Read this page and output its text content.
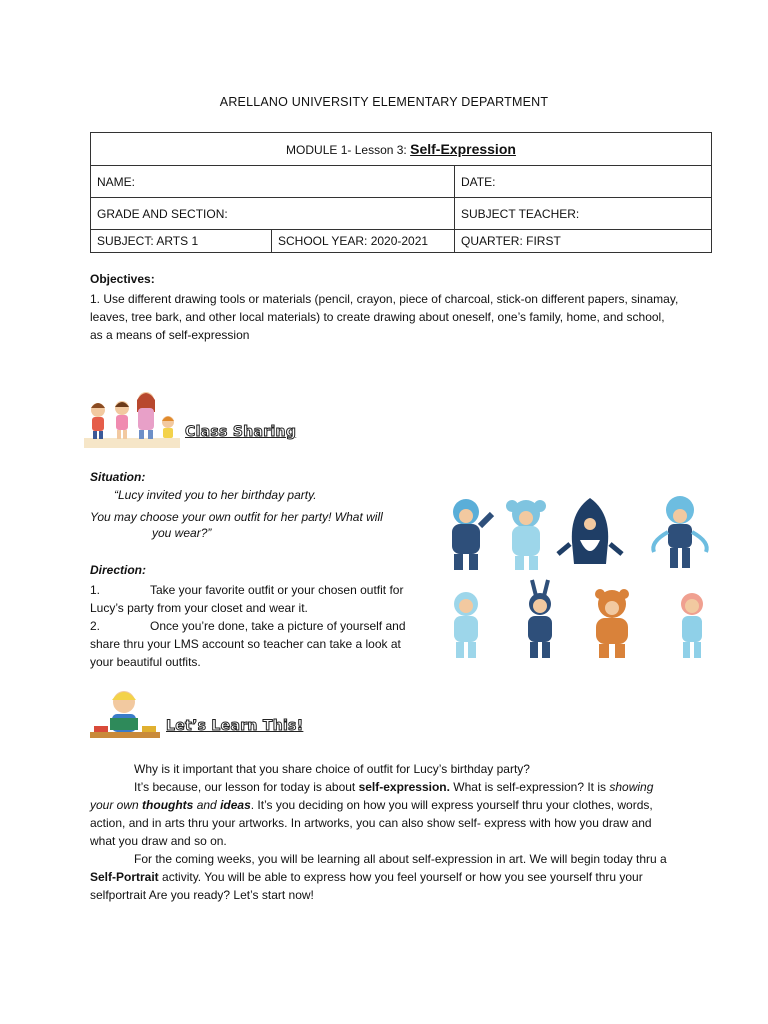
ARELLANO UNIVERSITY ELEMENTARY DEPARTMENT
MODULE 1- Lesson 3: Self-Expression		
NAME:		DATE:
GRADE AND SECTION:		SUBJECT TEACHER:
SUBJECT: ARTS 1	SCHOOL YEAR: 2020-2021	QUARTER: FIRST
Objectives:
1. Use different drawing tools or materials (pencil, crayon, piece of charcoal, stick-on different papers, sinamay, leaves, tree bark, and other local materials) to create drawing about oneself, one’s family, home, and school, as a means of self-expression
Class Sharing
Situation:
“Lucy invited you to her birthday party.
You may choose your own outfit for her party! What will
you wear?”
Direction:
1.	Take your favorite outfit or your chosen outfit for Lucy’s party from your closet and wear it.
2.	Once you’re done, take a picture of yourself and share thru your LMS account so teacher can take a look at your beautiful outfits.
Let’s Learn This!
Why is it important that you share choice of outfit for Lucy’s birthday party?
It’s because, our lesson for today is about self-expression. What is self-expression? It is showing your own thoughts and ideas. It’s you deciding on how you will express yourself thru your clothes, words, action, and in arts thru your artworks. In artworks, you can also show self- express with how you draw and what you draw and so on.
For the coming weeks, you will be learning all about self-expression in art. We will begin today thru a Self-Portrait activity. You will be able to express how you feel yourself or how you see yourself thru your selfportrait Are you ready? Let’s start now!
